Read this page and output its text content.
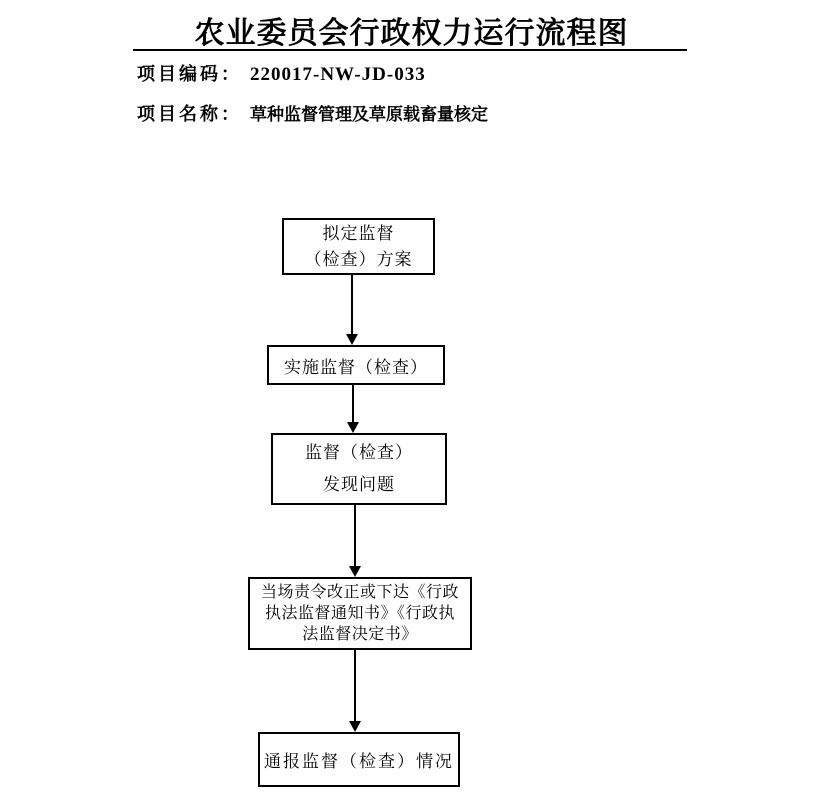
农业委员会行政权力运行流程图
项目编码： 220017-NW-JD-033
项目名称： 草种监督管理及草原载畜量核定
拟定监督
（检查）方案
实施监督（检查）
监督（检查）
发现问题
当场责令改正或下达《行政
执法监督通知书》《行政执
法监督决定书》
通报监督（检查）情况
